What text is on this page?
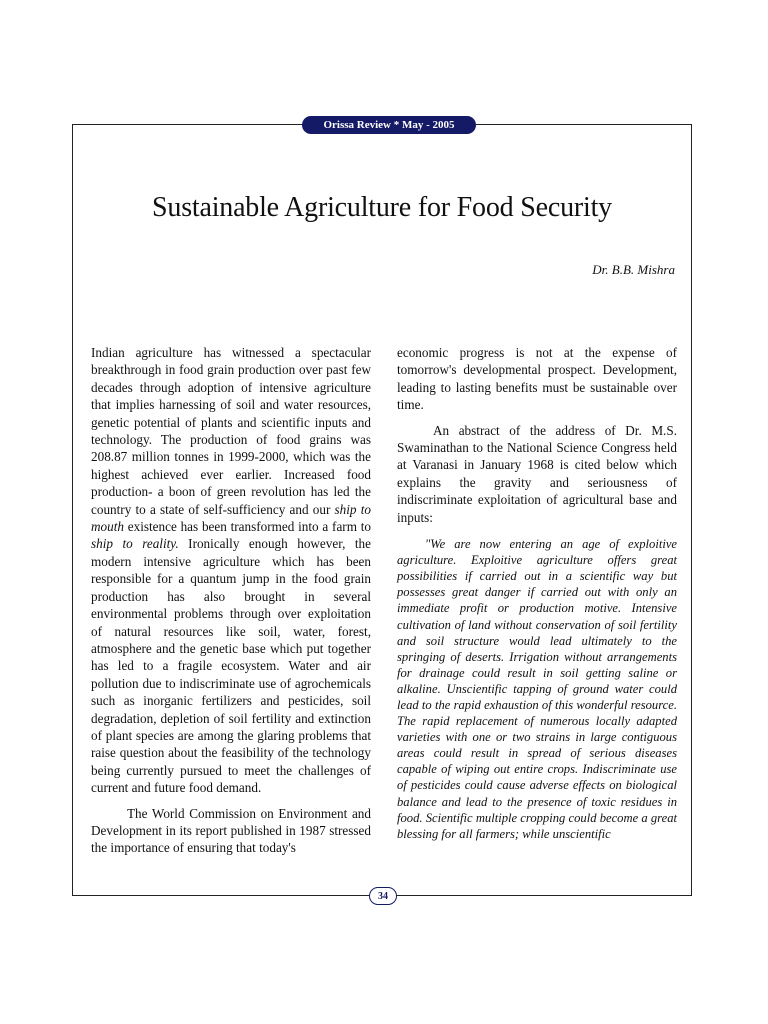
Orissa Review * May - 2005
Sustainable Agriculture for Food Security

Dr. B.B. Mishra

Indian agriculture has witnessed a spectacular breakthrough in food grain production over past few decades through adoption of intensive agriculture that implies harnessing of soil and water resources, genetic potential of plants and scientific inputs and technology. The production of food grains was 208.87 million tonnes in 1999-2000, which was the highest achieved ever earlier. Increased food production- a boon of green revolution has led the country to a state of self-sufficiency and our ship to mouth existence has been transformed into a farm to ship to reality. Ironically enough however, the modern intensive agriculture which has been responsible for a quantum jump in the food grain production has also brought in several environmental problems through over exploitation of natural resources like soil, water, forest, atmosphere and the genetic base which put together has led to a fragile ecosystem. Water and air pollution due to indiscriminate use of agrochemicals such as inorganic fertilizers and pesticides, soil degradation, depletion of soil fertility and extinction of plant species are among the glaring problems that raise question about the feasibility of the technology being currently pursued to meet the challenges of current and future food demand.

The World Commission on Environment and Development in its report published in 1987 stressed the importance of ensuring that today's

economic progress is not at the expense of tomorrow's developmental prospect. Development, leading to lasting benefits must be sustainable over time.

An abstract of the address of Dr. M.S. Swaminathan to the National Science Congress held at Varanasi in January 1968 is cited below which explains the gravity and seriousness of indiscriminate exploitation of agricultural base and inputs:

"We are now entering an age of exploitive agriculture. Exploitive agriculture offers great possibilities if carried out in a scientific way but possesses great danger if carried out with only an immediate profit or production motive. Intensive cultivation of land without conservation of soil fertility and soil structure would lead ultimately to the springing of deserts. Irrigation without arrangements for drainage could result in soil getting saline or alkaline. Unscientific tapping of ground water could lead to the rapid exhaustion of this wonderful resource. The rapid replacement of numerous locally adapted varieties with one or two strains in large contiguous areas could result in spread of serious diseases capable of wiping out entire crops. Indiscriminate use of pesticides could cause adverse effects on biological balance and lead to the presence of toxic residues in food. Scientific multiple cropping could become a great blessing for all farmers; while unscientific

34
